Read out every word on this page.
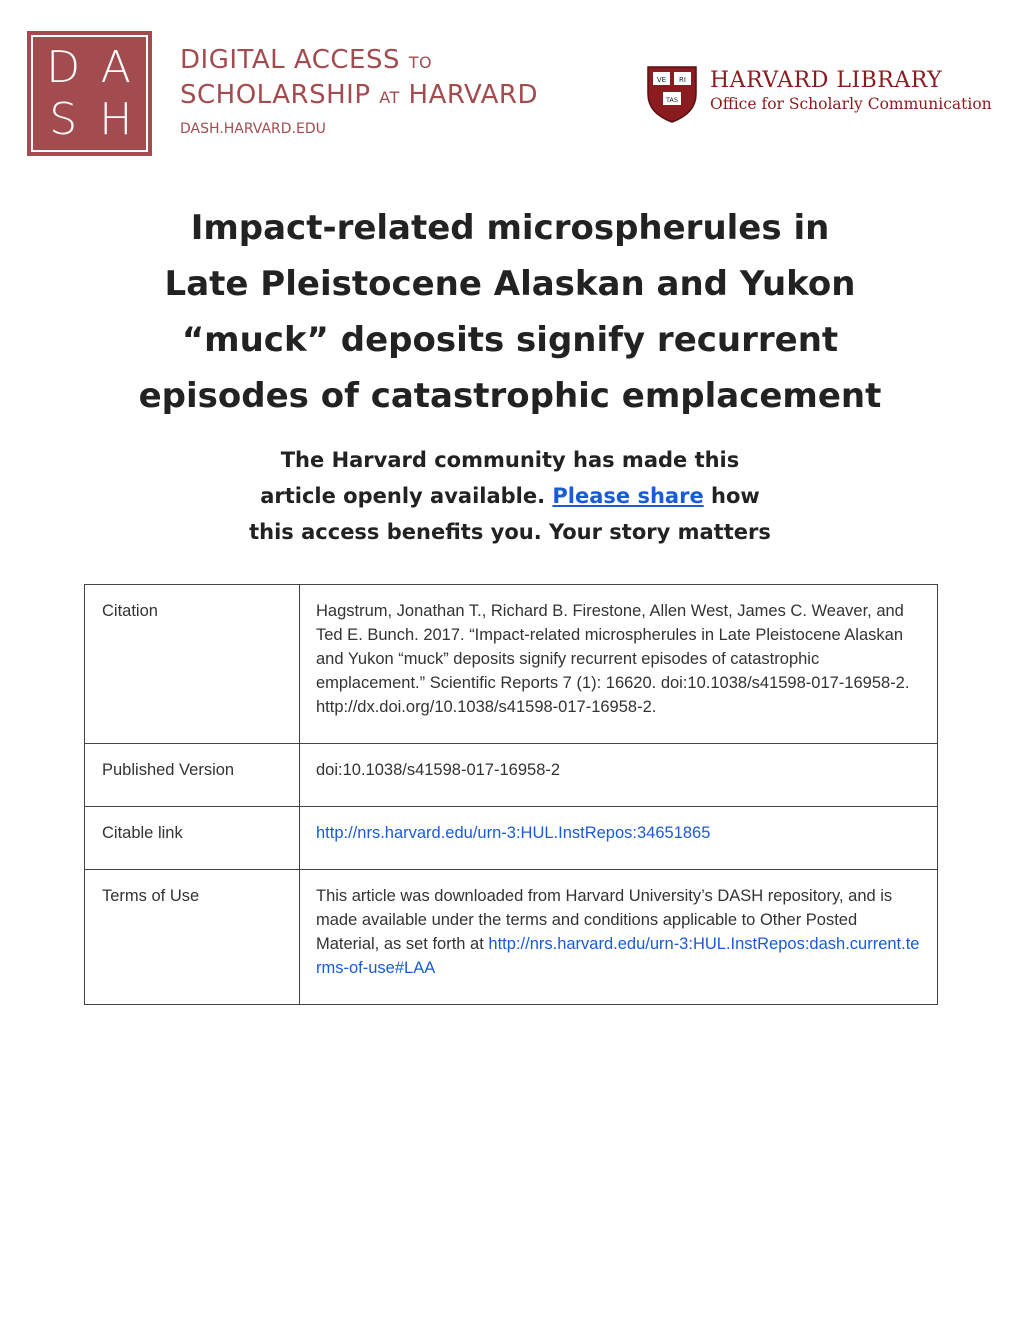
D A
S H
DIGITAL ACCESS TO
SCHOLARSHIP AT HARVARD
DASH.HARVARD.EDU
VE RI
TAS
HARVARD LIBRARY
Office for Scholarly Communication
Impact-related microspherules in
Late Pleistocene Alaskan and Yukon
“muck” deposits signify recurrent
episodes of catastrophic emplacement
The Harvard community has made this
article openly available. Please share how
this access benefits you. Your story matters
Citation	Hagstrum, Jonathan T., Richard B. Firestone, Allen West, James C. Weaver, and Ted E. Bunch. 2017. “Impact-related microspherules in Late Pleistocene Alaskan and Yukon “muck” deposits signify recurrent episodes of catastrophic emplacement.” Scientific Reports 7 (1): 16620. doi:10.1038/s41598-017-16958-2. http://dx.doi.org/10.1038/s41598-017-16958-2.
Published Version	doi:10.1038/s41598-017-16958-2
Citable link	http://nrs.harvard.edu/urn-3:HUL.InstRepos:34651865
Terms of Use	This article was downloaded from Harvard University’s DASH repository, and is made available under the terms and conditions applicable to Other Posted Material, as set forth at http://nrs.harvard.edu/urn-3:HUL.InstRepos:dash.current.terms-of-use#LAA
